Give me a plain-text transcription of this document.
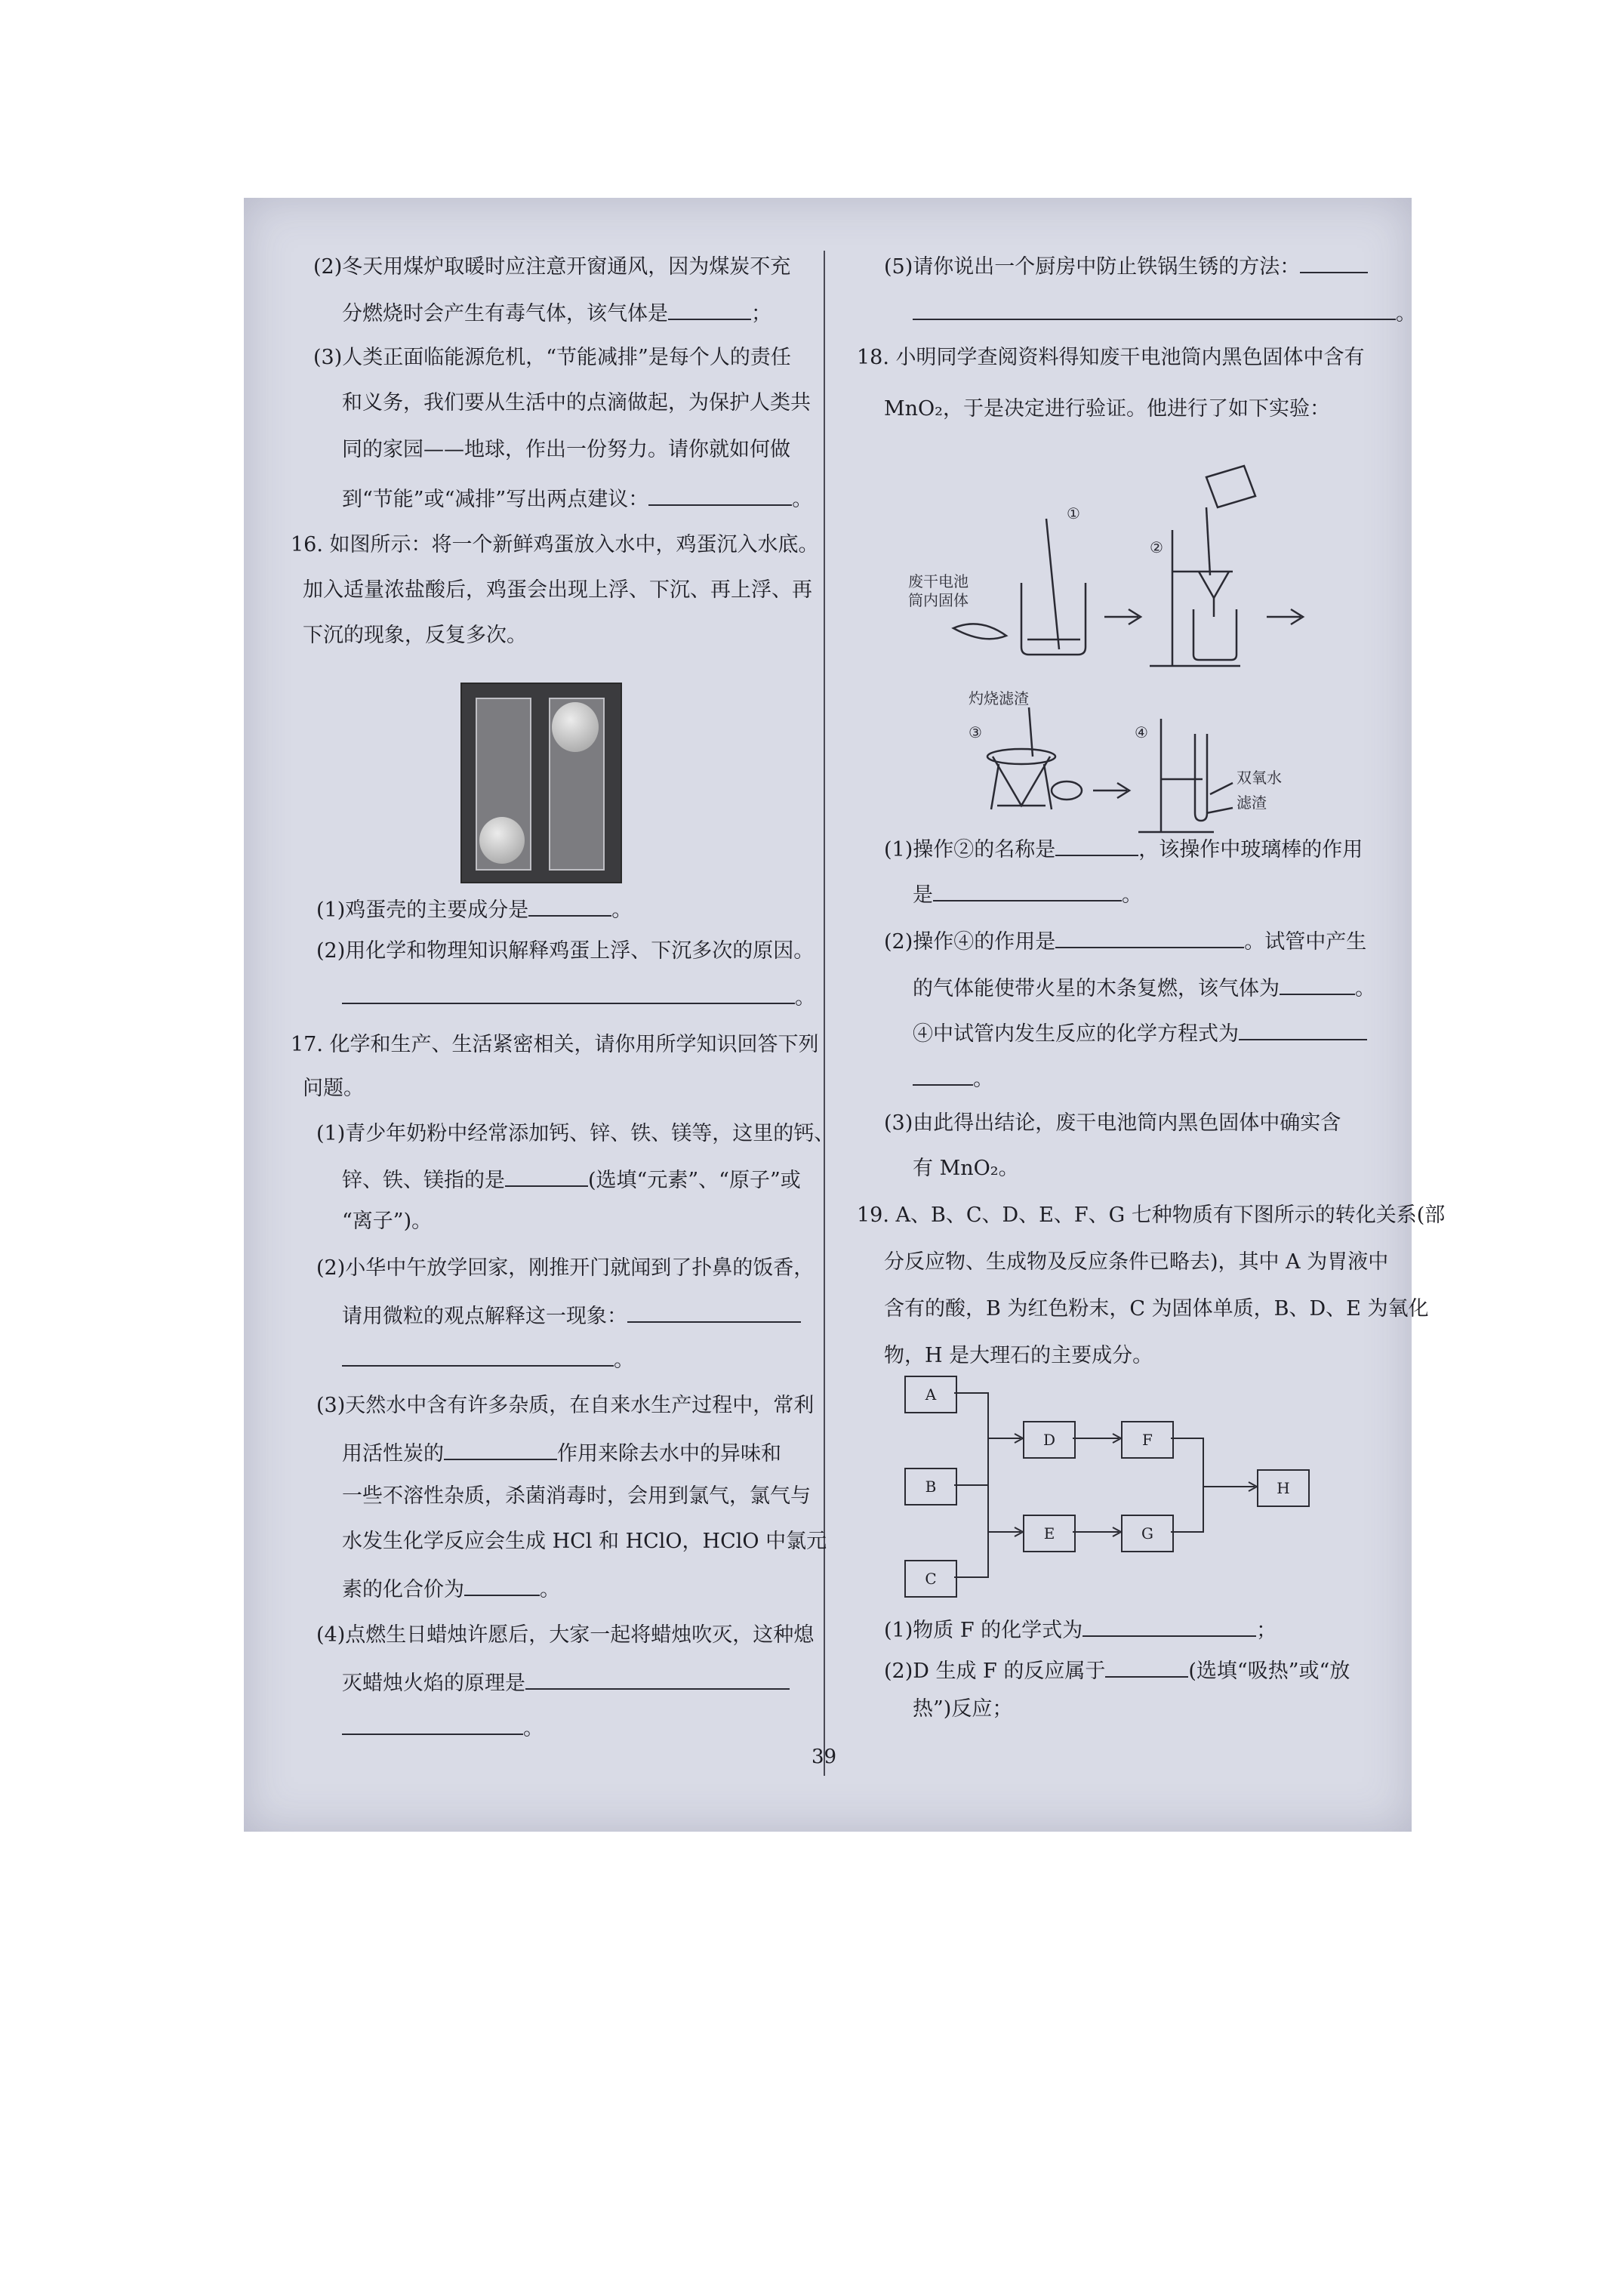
(2)冬天用煤炉取暖时应注意开窗通风，因为煤炭不充
分燃烧时会产生有毒气体，该气体是	；
(3)人类正面临能源危机，“节能减排”是每个人的责任
和义务，我们要从生活中的点滴做起，为保护人类共
同的家园——地球，作出一份努力。请你就如何做
到“节能”或“减排”写出两点建议：	。
16. 如图所示：将一个新鲜鸡蛋放入水中，鸡蛋沉入水底。
加入适量浓盐酸后，鸡蛋会出现上浮、下沉、再上浮、再
下沉的现象，反复多次。
(1)鸡蛋壳的主要成分是	。
(2)用化学和物理知识解释鸡蛋上浮、下沉多次的原因。
。
17. 化学和生产、生活紧密相关，请你用所学知识回答下列
问题。
(1)青少年奶粉中经常添加钙、锌、铁、镁等，这里的钙、
锌、铁、镁指的是	(选填“元素”、“原子”或
“离子”)。
(2)小华中午放学回家，刚推开门就闻到了扑鼻的饭香，
请用微粒的观点解释这一现象：
。
(3)天然水中含有许多杂质，在自来水生产过程中，常利
用活性炭的	作用来除去水中的异味和
一些不溶性杂质，杀菌消毒时，会用到氯气，氯气与
水发生化学反应会生成 HCl 和 HClO，HClO 中氯元
素的化合价为	。
(4)点燃生日蜡烛许愿后，大家一起将蜡烛吹灭，这种熄
灭蜡烛火焰的原理是
。
(5)请你说出一个厨房中防止铁锅生锈的方法：
。
18. 小明同学查阅资料得知废干电池筒内黑色固体中含有
MnO₂，于是决定进行验证。他进行了如下实验：
(1)操作②的名称是	，该操作中玻璃棒的作用
是	。
(2)操作④的作用是	。试管中产生
的气体能使带火星的木条复燃，该气体为	。
④中试管内发生反应的化学方程式为
。
(3)由此得出结论，废干电池筒内黑色固体中确实含
有 MnO₂。
19. A、B、C、D、E、F、G 七种物质有下图所示的转化关系(部
分反应物、生成物及反应条件已略去)，其中 A 为胃液中
含有的酸，B 为红色粉末，C 为固体单质，B、D、E 为氧化
物，H 是大理石的主要成分。
(1)物质 F 的化学式为	；
(2)D 生成 F 的反应属于	(选填“吸热”或“放
热”)反应；
废干电池
筒内固体
①
②
灼烧滤渣
③	④
双氧水
滤渣
A
B
C
D
E
F
G
H
39
